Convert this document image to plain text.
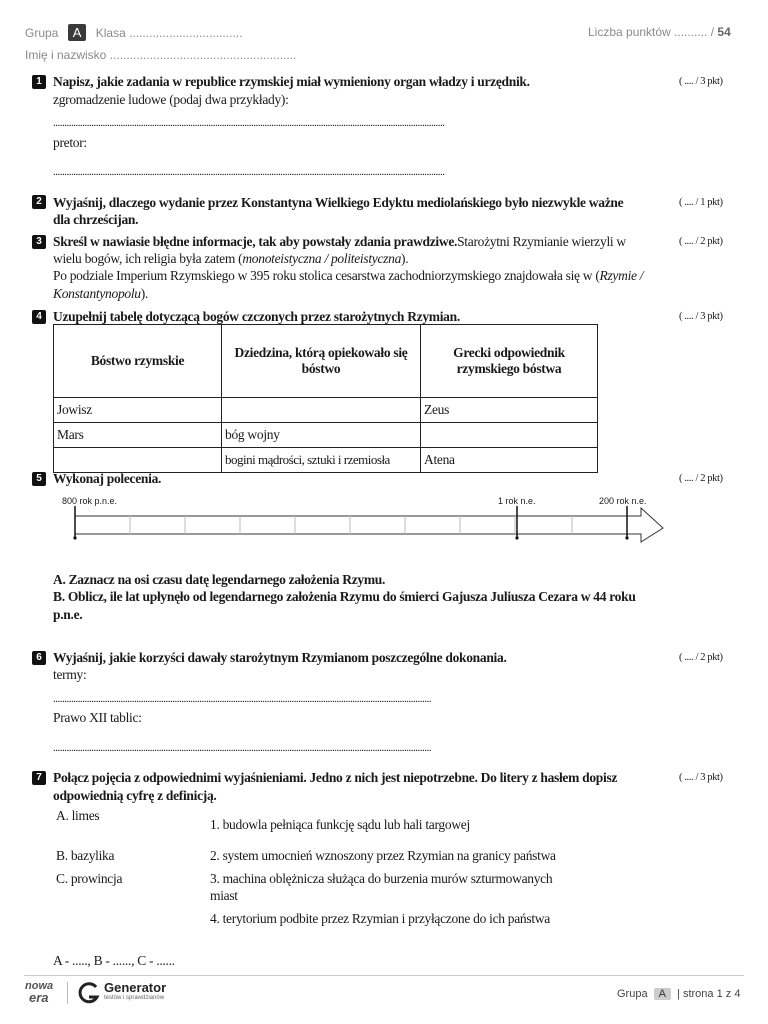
Grupa A Klasa ..................................	Liczba punktów .......... / 54
Imię i nazwisko ........................................................
1 Napisz, jakie zadania w republice rzymskiej miał wymieniony organ władzy i urzędnik.	( .... / 3 pkt)
zgromadzenie ludowe (podaj dwa przykłady):
..............................................................................................................................................................................
pretor:
..............................................................................................................................................................................
2 Wyjaśnij, dlaczego wydanie przez Konstantyna Wielkiego Edyktu mediolańskiego było niezwykle ważne
dla chrześcijan.
( .... / 1 pkt)
3 Skreśl w nawiasie błędne informacje, tak aby powstały zdania prawdziwe.Starożytni Rzymianie wierzyli w
wielu bogów, ich religia była zatem (monoteistyczna / politeistyczna).
Po podziale Imperium Rzymskiego w 395 roku stolica cesarstwa zachodniorzymskiego znajdowała się w (Rzymie /
Konstantynopolu).
( .... / 2 pkt)
4 Uzupełnij tabelę dotyczącą bogów czczonych przez starożytnych Rzymian.	( .... / 3 pkt)
Bóstwo rzymskie	Dziedzina, którą opiekowało się bóstwo	Grecki odpowiednik rzymskiego bóstwa
Jowisz		Zeus
Mars	bóg wojny	
	bogini mądrości, sztuki i rzemiosła	Atena
5 Wykonaj polecenia.	( .... / 2 pkt)
800 rok p.n.e.	1 rok n.e.	200 rok n.e.
A. Zaznacz na osi czasu datę legendarnego założenia Rzymu.
B. Oblicz, ile lat upłynęło od legendarnego założenia Rzymu do śmierci Gajusza Juliusza Cezara w 44 roku
p.n.e.
6 Wyjaśnij, jakie korzyści dawały starożytnym Rzymianom poszczególne dokonania.	( .... / 2 pkt)
termy:
........................................................................................................................................................................
Prawo XII tablic:
........................................................................................................................................................................
7 Połącz pojęcia z odpowiednimi wyjaśnieniami. Jedno z nich jest niepotrzebne. Do litery z hasłem dopisz
odpowiednią cyfrę z definicją.
( .... / 3 pkt)
A. limes
B. bazylika
C. prowincja
1. budowla pełniąca funkcję sądu lub hali targowej
2. system umocnień wznoszony przez Rzymian na granicy państwa
3. machina oblężnicza służąca do burzenia murów szturmowanych
miast
4. terytorium podbite przez Rzymian i przyłączone do ich państwa
A - ....., B - ......, C - ......
nowa
era
Generator
testów i sprawdzianów	Grupa A | strona 1 z 4
